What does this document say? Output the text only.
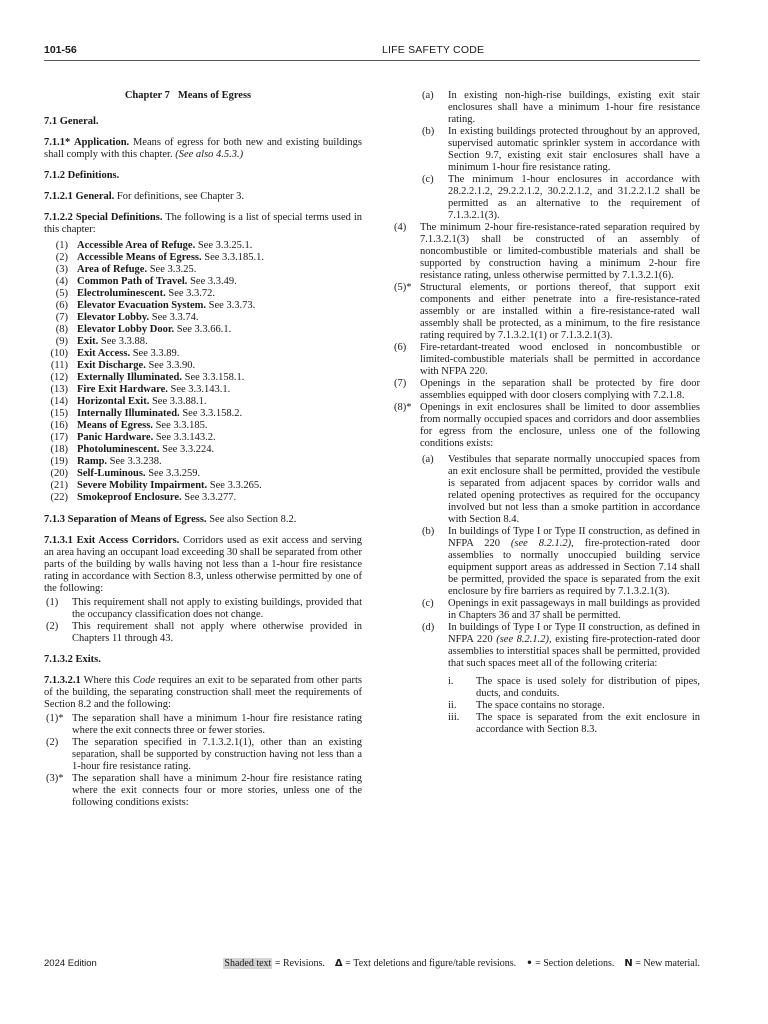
101-56	LIFE SAFETY CODE
Chapter 7 Means of Egress
7.1 General.

7.1.1* Application. Means of egress for both new and existing buildings shall comply with this chapter. (See also 4.5.3.)

7.1.2 Definitions.

7.1.2.1 General. For definitions, see Chapter 3.

7.1.2.2 Special Definitions. The following is a list of special terms used in this chapter:

(1) Accessible Area of Refuge. See 3.3.25.1.
(2) Accessible Means of Egress. See 3.3.185.1.
(3) Area of Refuge. See 3.3.25.
(4) Common Path of Travel. See 3.3.49.
(5) Electroluminescent. See 3.3.72.
(6) Elevator Evacuation System. See 3.3.73.
(7) Elevator Lobby. See 3.3.74.
(8) Elevator Lobby Door. See 3.3.66.1.
(9) Exit. See 3.3.88.
(10) Exit Access. See 3.3.89.
(11) Exit Discharge. See 3.3.90.
(12) Externally Illuminated. See 3.3.158.1.
(13) Fire Exit Hardware. See 3.3.143.1.
(14) Horizontal Exit. See 3.3.88.1.
(15) Internally Illuminated. See 3.3.158.2.
(16) Means of Egress. See 3.3.185.
(17) Panic Hardware. See 3.3.143.2.
(18) Photoluminescent. See 3.3.224.
(19) Ramp. See 3.3.238.
(20) Self-Luminous. See 3.3.259.
(21) Severe Mobility Impairment. See 3.3.265.
(22) Smokeproof Enclosure. See 3.3.277.

7.1.3 Separation of Means of Egress. See also Section 8.2.

7.1.3.1 Exit Access Corridors. Corridors used as exit access and serving an area having an occupant load exceeding 30 shall be separated from other parts of the building by walls having not less than a 1-hour fire resistance rating in accordance with Section 8.3, unless otherwise permitted by one of the following:

(1) This requirement shall not apply to existing buildings, provided that the occupancy classification does not change.
(2) This requirement shall not apply where otherwise provided in Chapters 11 through 43.
7.1.3.2 Exits.

7.1.3.2.1 Where this Code requires an exit to be separated from other parts of the building, the separating construction shall meet the requirements of Section 8.2 and the following:

(1)* The separation shall have a minimum 1-hour fire resistance rating where the exit connects three or fewer stories.
(2) The separation specified in 7.1.3.2.1(1), other than an existing separation, shall be supported by construction having not less than a 1-hour fire resistance rating.
(3)* The separation shall have a minimum 2-hour fire resistance rating where the exit connects four or more stories, unless one of the following conditions exists:
(a) In existing non-high-rise buildings, existing exit stair enclosures shall have a minimum 1-hour fire resistance rating.
(b) In existing buildings protected throughout by an approved, supervised automatic sprinkler system in accordance with Section 9.7, existing exit stair enclosures shall have a minimum 1-hour fire resistance rating.
(c) The minimum 1-hour enclosures in accordance with 28.2.2.1.2, 29.2.2.1.2, 30.2.2.1.2, and 31.2.2.1.2 shall be permitted as an alternative to the requirement of 7.1.3.2.1(3).
(4) The minimum 2-hour fire-resistance-rated separation required by 7.1.3.2.1(3) shall be constructed of an assembly of noncombustible or limited-combustible materials and shall be supported by construction having a minimum 2-hour fire resistance rating, unless otherwise permitted by 7.1.3.2.1(6).
(5)* Structural elements, or portions thereof, that support exit components and either penetrate into a fire-resistance-rated assembly or are installed within a fire-resistance-rated wall assembly shall be protected, as a minimum, to the fire resistance rating required by 7.1.3.2.1(1) or 7.1.3.2.1(3).
(6) Fire-retardant-treated wood enclosed in noncombustible or limited-combustible materials shall be permitted in accordance with NFPA 220.
(7) Openings in the separation shall be protected by fire door assemblies equipped with door closers complying with 7.2.1.8.
(8)* Openings in exit enclosures shall be limited to door assemblies from normally occupied spaces and corridors and door assemblies for egress from the enclosure, unless one of the following conditions exists:
(a) Vestibules that separate normally unoccupied spaces from an exit enclosure shall be permitted, provided the vestibule is separated from adjacent spaces by corridor walls and related opening protectives as required for the occupancy involved but not less than a smoke partition in accordance with Section 8.4.
(b) In buildings of Type I or Type II construction, as defined in NFPA 220 (see 8.2.1.2), fire-protection-rated door assemblies to normally unoccupied building service equipment support areas as addressed in Section 7.14 shall be permitted, provided the space is separated from the exit enclosure by fire barriers as required by 7.1.3.2.1(3).
(c) Openings in exit passageways in mall buildings as provided in Chapters 36 and 37 shall be permitted.
(d) In buildings of Type I or Type II construction, as defined in NFPA 220 (see 8.2.1.2), existing fire-protection-rated door assemblies to interstitial spaces shall be permitted, provided that such spaces meet all of the following criteria:
i. The space is used solely for distribution of pipes, ducts, and conduits.
ii. The space contains no storage.
iii. The space is separated from the exit enclosure in accordance with Section 8.3.
2024 Edition	Shaded text = Revisions. Δ = Text deletions and figure/table revisions. • = Section deletions. N = New material.
